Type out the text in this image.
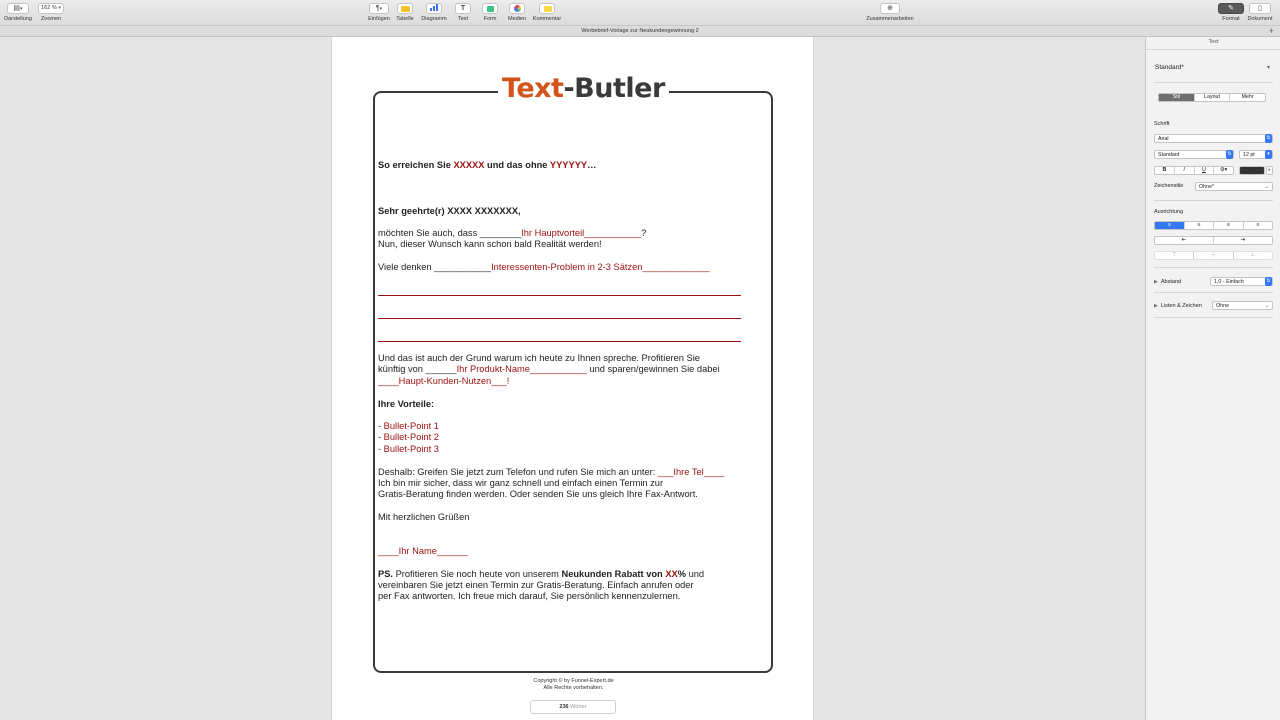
▤▾
Darstellung
162 % ▾
Zoomen
¶▾
Einfügen	Tabelle	Diagramm
T
Text	Form	Medien	Kommentar
⊕
Zusammenarbeiten
✎
Format
▯
Dokument
Werbebrief-Vorlage zur Neukundengewinnung 2	+
Text-Butler
So erreichen Sie XXXXX und das ohne YYYYYY…
Sehr geehrte(r) XXXX XXXXXXX,
möchten Sie auch, dass ________Ihr Hauptvorteil___________?
Nun, dieser Wunsch kann schon bald Realität werden!
Viele denken ___________Interessenten-Problem in 2-3 Sätzen_____________
Und das ist auch der Grund warum ich heute zu Ihnen spreche. Profitieren Sie
künftig von ______Ihr Produkt-Name___________ und sparen/gewinnen Sie dabei
____Haupt-Kunden-Nutzen___!
Ihre Vorteile:
- Bullet-Point 1
- Bullet-Point 2
- Bullet-Point 3
Deshalb: Greifen Sie jetzt zum Telefon und rufen Sie mich an unter: ___Ihre Tel____
Ich bin mir sicher, dass wir ganz schnell und einfach einen Termin zur
Gratis-Beratung finden werden. Oder senden Sie uns gleich Ihre Fax-Antwort.
Mit herzlichen Grüßen
____Ihr Name______
PS. Profitieren Sie noch heute von unserem Neukunden Rabatt von XX% und
vereinbaren Sie jetzt einen Termin zur Gratis-Beratung. Einfach anrufen oder
per Fax antworten. Ich freue mich darauf, Sie persönlich kennenzulernen.
Copyright © by Funnel-Expert.de
Alle Rechte vorbehalten.
236 Wörter
Text
Standard*	▾
Stil	Layout	Mehr
Schrift
Arial	⇅
Standard	⇅	12 pt	▾
B	I	U	⚙▾	◐
Zeichenstile	Ohne*	⌄
Ausrichtung
≡	≡	≡	≡
⇤	⇥
⊤	⊹	⊥
▶ Abstand	1,0 - Einfach	⇅
▶ Listen & Zeichen	Ohne	⌄
